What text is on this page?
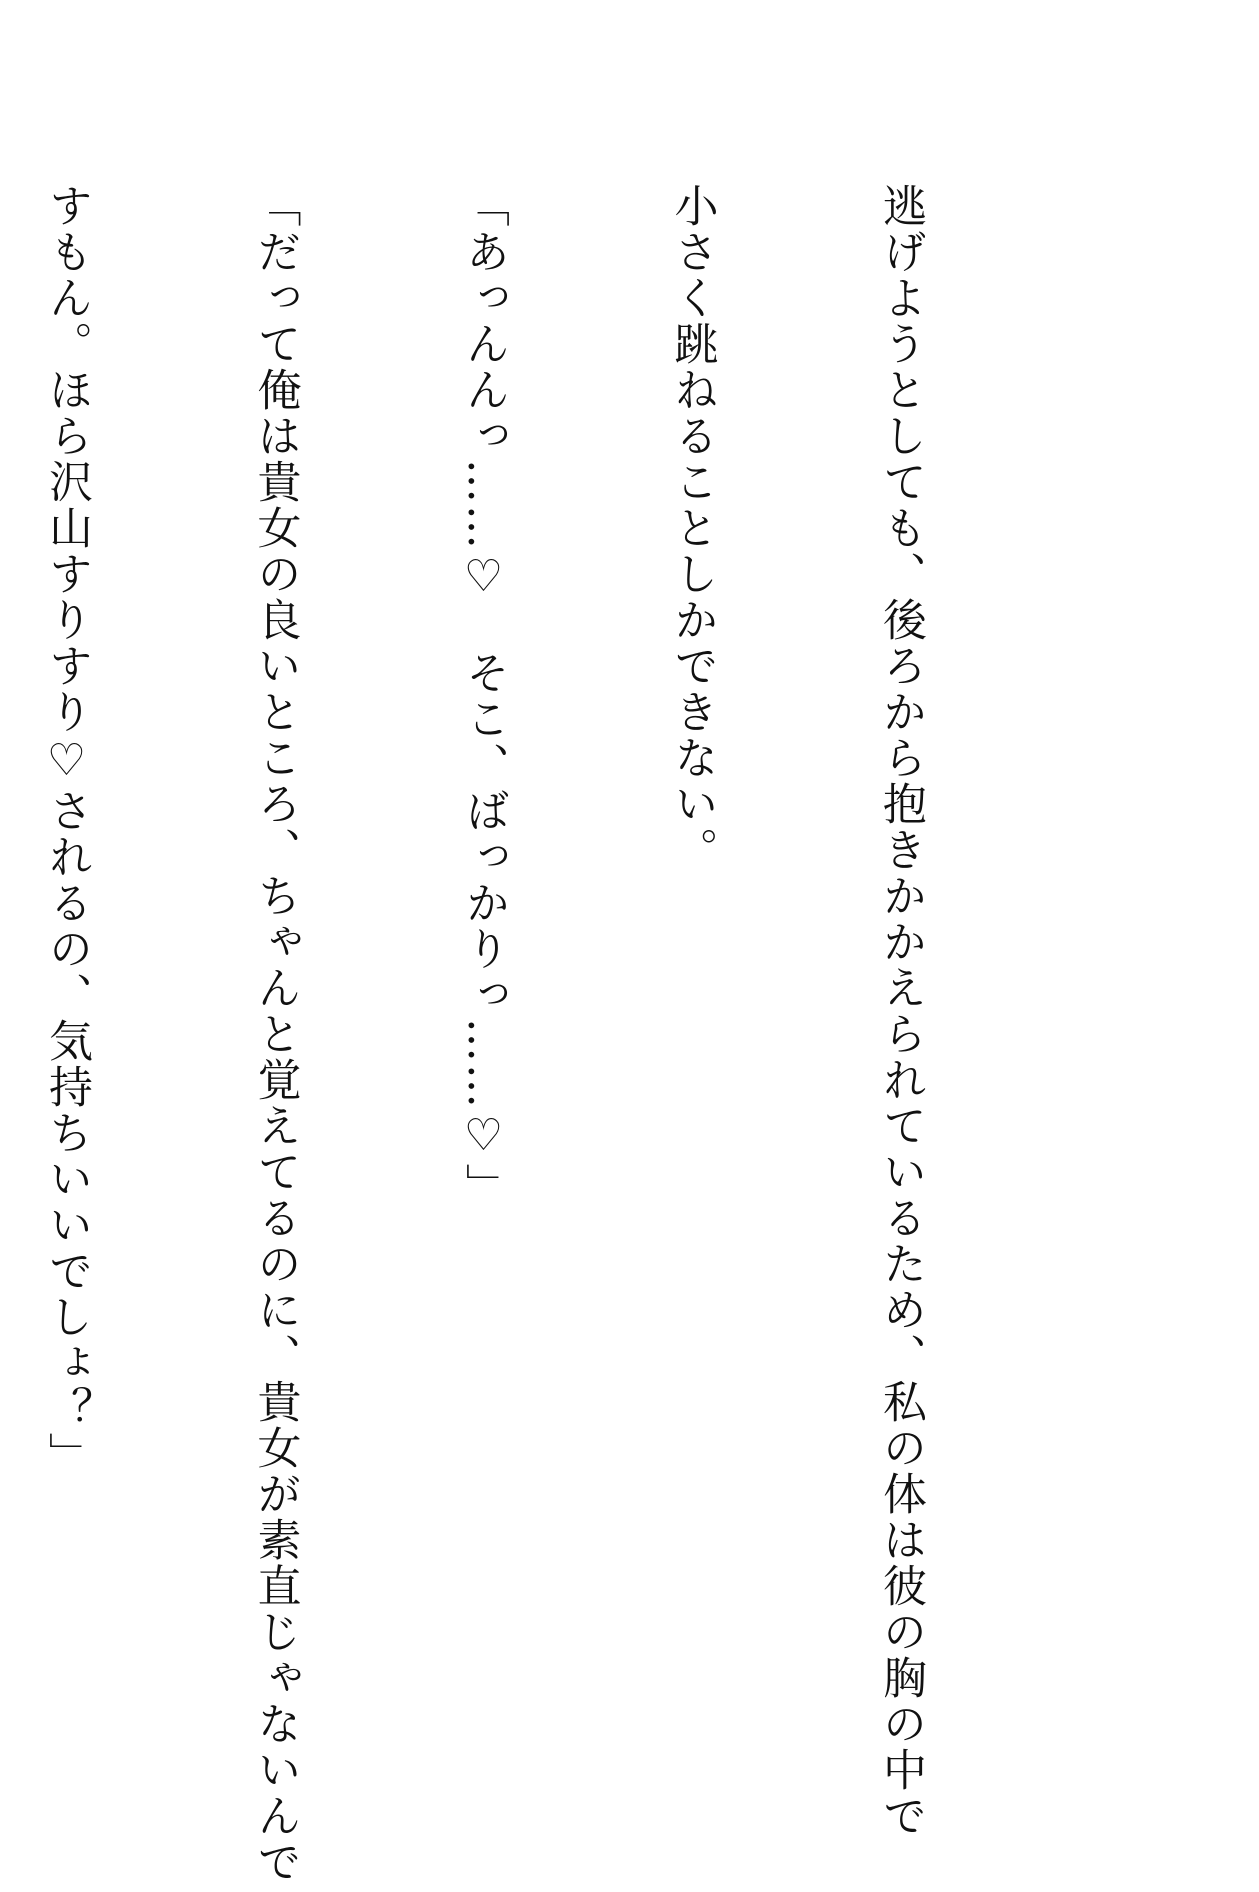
逃げようとしても、後ろから抱きかかえられているため、私の体は彼の胸の中で

小さく跳ねることしかできない。

「あっんんっ……♡　そこ、ばっかりっ……♡」

「だって俺は貴女の良いところ、ちゃんと覚えてるのに、貴女が素直じゃないんで

すもん。ほら沢山すりすり♡されるの、気持ちいいでしょ？」
